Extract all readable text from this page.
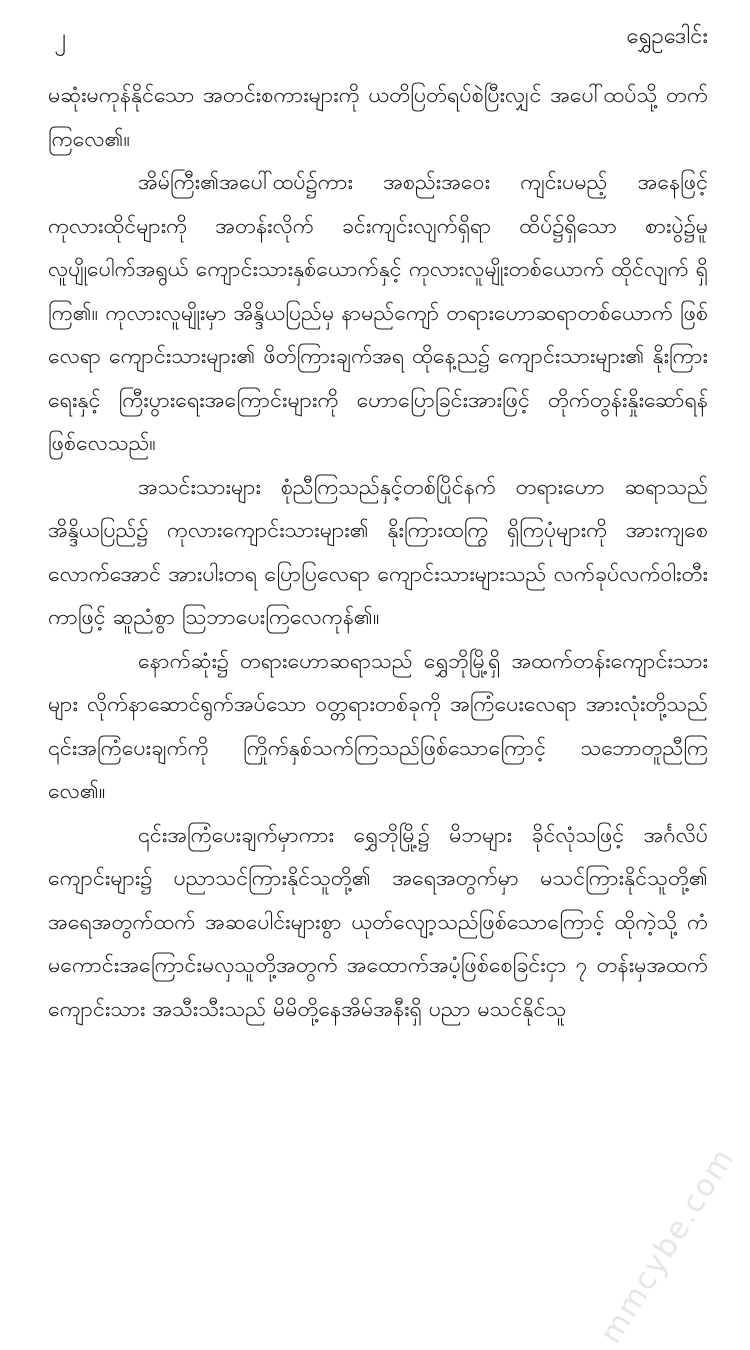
၂	ရွှေဥဒေါင်း

မဆုံးမကုန်နိုင်သော အတင်းစကားများကို ယတိပြတ်ရပ်စဲပြီးလျှင် အပေါ်ထပ်သို့ တက်ကြလေ၏။

အိမ်ကြီး၏အပေါ်ထပ်၌ကား အစည်းအဝေး ကျင်းပမည့် အနေဖြင့် ကုလားထိုင်များကို အတန်းလိုက် ခင်းကျင်းလျက်ရှိရာ ထိပ်၌ရှိသော စားပွဲ၌မူ လူပျိုပေါက်အရွယ် ကျောင်းသားနှစ်ယောက်နှင့် ကုလားလူမျိုးတစ်ယောက် ထိုင်လျက် ရှိကြ၏။ ကုလားလူမျိုးမှာ အိန္ဒိယပြည်မှ နာမည်ကျော် တရားဟောဆရာတစ်ယောက် ဖြစ်လေရာ ကျောင်းသားများ၏ ဖိတ်ကြားချက်အရ ထိုနေ့ည၌ ကျောင်းသားများ၏ နိုးကြားရေးနှင့် ကြီးပွားရေးအကြောင်းများကို ဟောပြောခြင်းအားဖြင့် တိုက်တွန်းနှိုးဆော်ရန် ဖြစ်လေသည်။

အသင်းသားများ စုံညီကြသည်နှင့်တစ်ပြိုင်နက် တရားဟော ဆရာသည် အိန္ဒိယပြည်၌ ကုလားကျောင်းသားများ၏ နိုးကြားထကြွ ရှိကြပုံများကို အားကျစေလောက်အောင် အားပါးတရ ပြောပြလေရာ ကျောင်းသားများသည် လက်ခုပ်လက်ဝါးတီးကာဖြင့် ဆူညံစွာ သြဘာပေးကြလေကုန်၏။

နောက်ဆုံး၌ တရားဟောဆရာသည် ရွှေဘိုမြို့ရှိ အထက်တန်းကျောင်းသားများ လိုက်နာဆောင်ရွက်အပ်သော ဝတ္တရားတစ်ခုကို အကြံပေးလေရာ အားလုံးတို့သည် ၎င်းအကြံပေးချက်ကို ကြိုက်နှစ်သက်ကြသည်ဖြစ်သောကြောင့် သဘောတူညီကြလေ၏။

၎င်းအကြံပေးချက်မှာကား ရွှေဘိုမြို့၌ မိဘများ ခိုင်လုံသဖြင့် အင်္ဂလိပ်ကျောင်းများ၌ ပညာသင်ကြားနိုင်သူတို့၏ အရေအတွက်မှာ မသင်ကြားနိုင်သူတို့၏ အရေအတွက်ထက် အဆပေါင်းများစွာ ယုတ်လျော့သည်ဖြစ်သောကြောင့် ထိုကဲ့သို့ ကံမကောင်းအကြောင်းမလှသူတို့အတွက် အထောက်အပံ့ဖြစ်စေခြင်းငှာ ၇ တန်းမှအထက်ကျောင်းသား အသီးသီးသည် မိမိတို့နေအိမ်အနီးရှိ ပညာ မသင်နိုင်သူ

mmcybe.com
